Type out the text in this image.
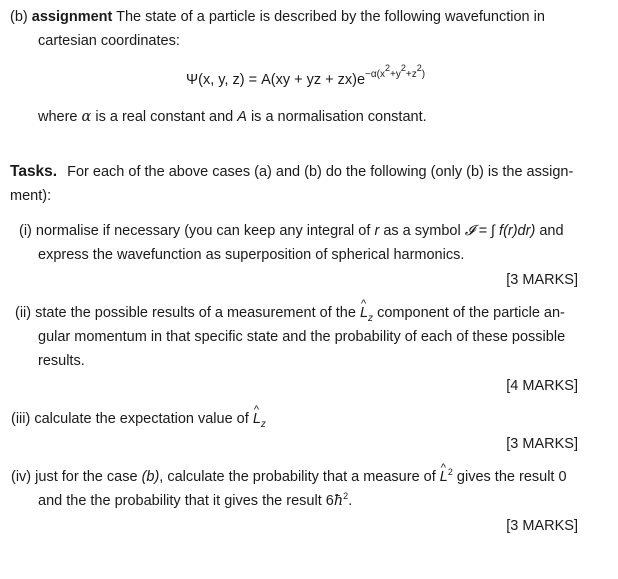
(b) assignment The state of a particle is described by the following wavefunction in
cartesian coordinates:
Ψ(x, y, z) = A(xy + yz + $zx)e^{-\alpha(x^2+y^2+z^2)}$
where α is a real constant and A is a normalisation constant.
Tasks. For each of the above cases (a) and (b) do the following (only (b) is the assign-
ment):
(i) normalise if necessary (you can keep any integral of r as a symbol 𝓘 = ∫ f(r)dr) and
express the wavefunction as superposition of spherical harmonics.
[3 MARKS]
(ii) state the possible results of a measurement of the ^ $L_z$ component of the particle an-
gular momentum in that specific state and the probability of each of these possible
results.
[4 MARKS]
(iii) calculate the expectation value of ^ $L_z$
[3 MARKS]
(iv) just for the case (b), calculate the probability that a measure of ^ $L^2$ gives the result 0
and the the probability that it gives the result $6ħ^2$.
[3 MARKS]
